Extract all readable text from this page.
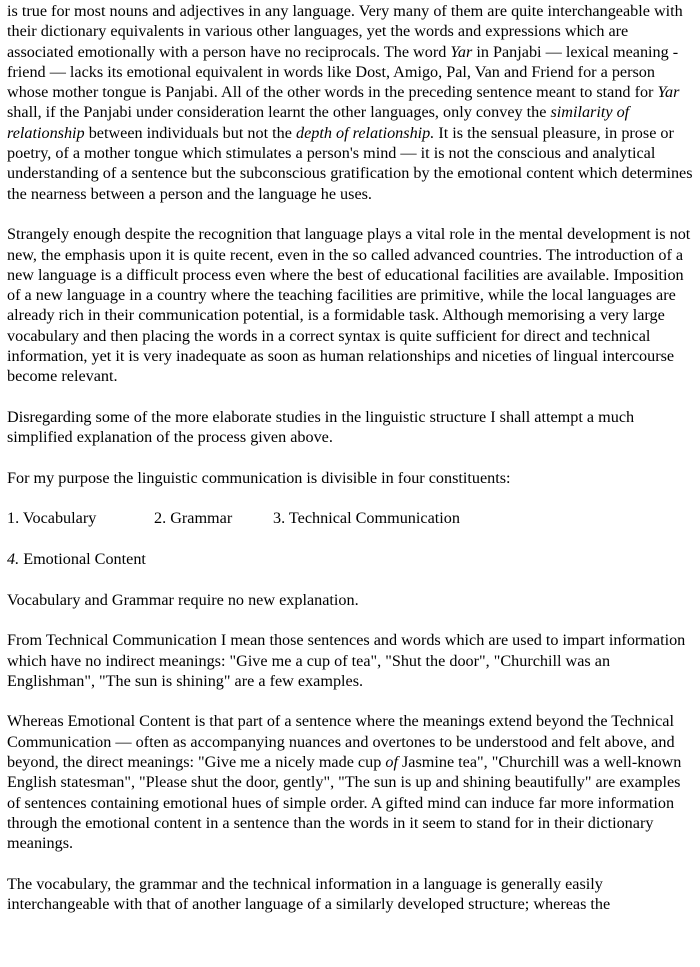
is true for most nouns and adjectives in any language. Very many of them are quite interchangeable with their dictionary equivalents in various other languages, yet the words and expressions which are associated emotionally with a person have no reciprocals. The word Yar in Panjabi — lexical meaning - friend — lacks its emotional equivalent in words like Dost, Amigo, Pal, Van and Friend for a person whose mother tongue is Panjabi. All of the other words in the preceding sentence meant to stand for Yar shall, if the Panjabi under consideration learnt the other languages, only convey the similarity of relationship between individuals but not the depth of relationship. It is the sensual pleasure, in prose or poetry, of a mother tongue which stimulates a person's mind — it is not the conscious and analytical understanding of a sentence but the subconscious gratification by the emotional content which determines the nearness between a person and the language he uses.

Strangely enough despite the recognition that language plays a vital role in the mental development is not new, the emphasis upon it is quite recent, even in the so called advanced countries. The introduction of a new language is a difficult process even where the best of educational facilities are available. Imposition of a new language in a country where the teaching facilities are primitive, while the local languages are already rich in their communication potential, is a formidable task. Although memorising a very large vocabulary and then placing the words in a correct syntax is quite sufficient for direct and technical information, yet it is very inadequate as soon as human relationships and niceties of lingual intercourse become relevant.

Disregarding some of the more elaborate studies in the linguistic structure I shall attempt a much simplified explanation of the process given above.

For my purpose the linguistic communication is divisible in four constituents:

1. Vocabulary	2. Grammar	3. Technical Communication

4. Emotional Content

Vocabulary and Grammar require no new explanation.

From Technical Communication I mean those sentences and words which are used to impart information which have no indirect meanings: "Give me a cup of tea", "Shut the door", "Churchill was an Englishman", "The sun is shining" are a few examples.

Whereas Emotional Content is that part of a sentence where the meanings extend beyond the Technical Communication — often as accompanying nuances and overtones to be understood and felt above, and beyond, the direct meanings: "Give me a nicely made cup of Jasmine tea", "Churchill was a well-known English statesman", "Please shut the door, gently", "The sun is up and shining beautifully" are examples of sentences containing emotional hues of simple order. A gifted mind can induce far more information through the emotional content in a sentence than the words in it seem to stand for in their dictionary meanings.

The vocabulary, the grammar and the technical information in a language is generally easily interchangeable with that of another language of a similarly developed structure; whereas the
